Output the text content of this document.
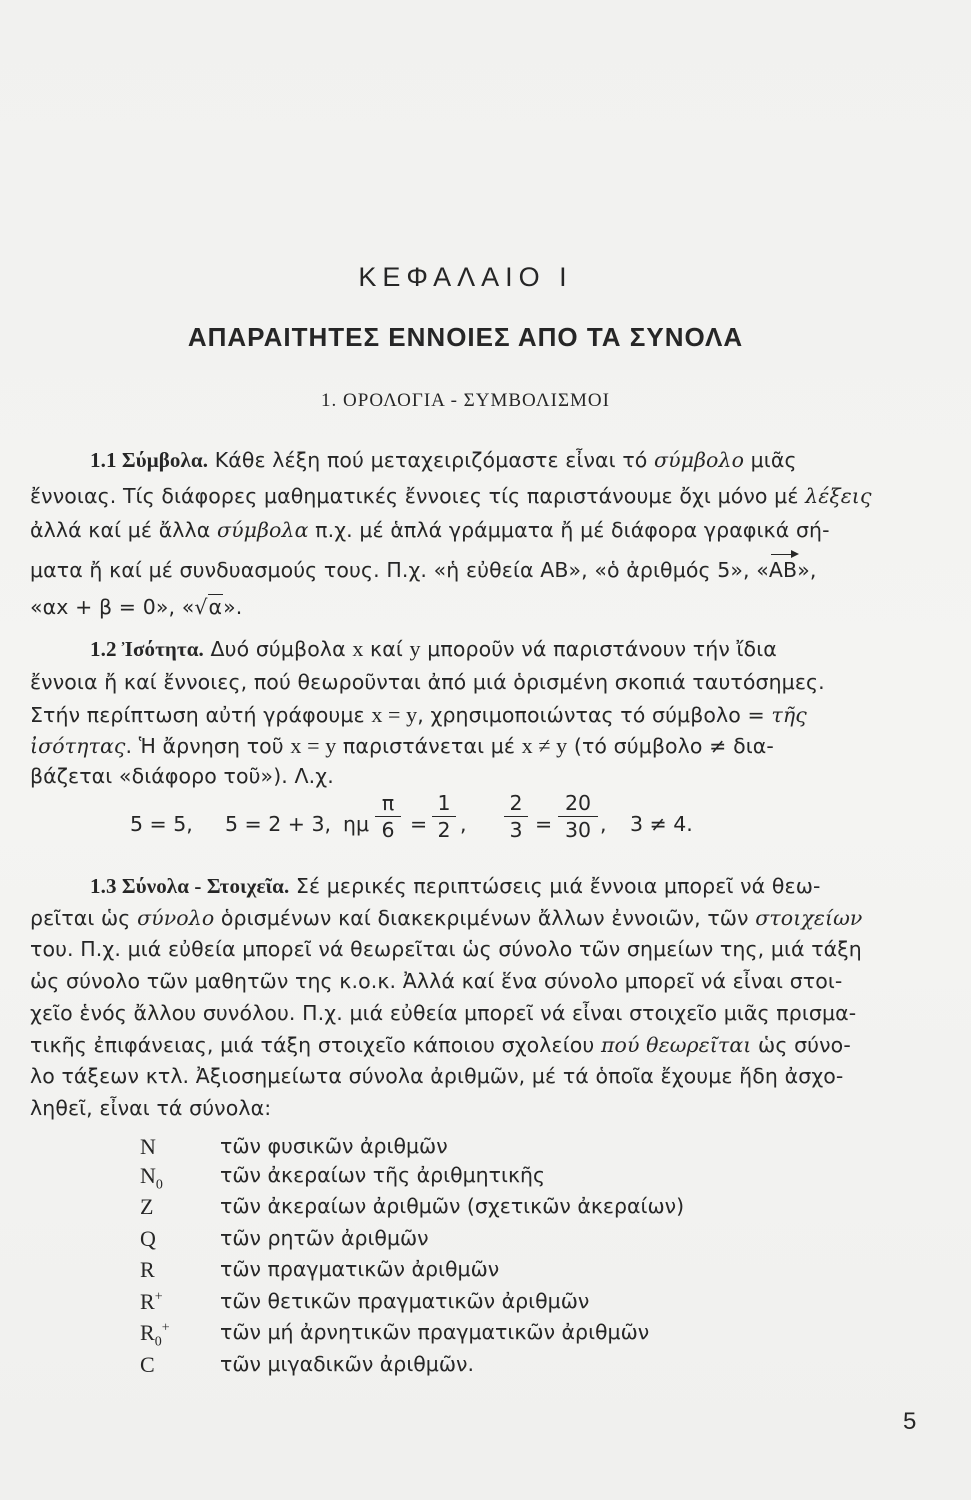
ΚΕΦΑΛΑΙΟ Ι
ΑΠΑΡΑΙΤΗΤΕΣ ΕΝΝΟΙΕΣ ΑΠΟ ΤΑ ΣΥΝΟΛΑ
1. ΟΡΟΛΟΓΙΑ - ΣΥΜΒΟΛΙΣΜΟΙ
1.1 Σύμβολα. Κάθε λέξη πού μεταχειριζόμαστε εἶναι τό σύμβολο μιᾶς
ἔννοιας. Τίς διάφορες μαθηματικές ἔννοιες τίς παριστάνουμε ὄχι μόνο μέ λέξεις
ἀλλά καί μέ ἄλλα σύμβολα π.χ. μέ ἁπλά γράμματα ἤ μέ διάφορα γραφικά σή-
ματα ἤ καί μέ συνδυασμούς τους. Π.χ. «ἡ εὐθεία ΑΒ», «ὁ ἀριθμός 5», «ΑΒ»,
«αx + β = 0», «√α».
1.2 Ἰσότητα. Δυό σύμβολα x καί y μποροῦν νά παριστάνουν τήν ἴδια
ἔννοια ἤ καί ἔννοιες, πού θεωροῦνται ἀπό μιά ὁρισμένη σκοπιά ταυτόσημες.
Στήν περίπτωση αὐτή γράφουμε x = y, χρησιμοποιώντας τό σύμβολο = τῆς
ἰσότητας. Ἡ ἄρνηση τοῦ x = y παριστάνεται μέ x ≠ y (τό σύμβολο ≠ δια-
βάζεται «διάφορο τοῦ»). Λ.χ.
5 = 5, 5 = 2 + 3, ημ $\frac{\pi}{6} = \frac{1}{2}$ , $\frac{2}{3} = \frac{20}{30}$ , 3 ≠ 4.
1.3 Σύνολα - Στοιχεῖα. Σέ μερικές περιπτώσεις μιά ἔννοια μπορεῖ νά θεω-
ρεῖται ὡς σύνολο ὁρισμένων καί διακεκριμένων ἄλλων ἐννοιῶν, τῶν στοιχείων
του. Π.χ. μιά εὐθεία μπορεῖ νά θεωρεῖται ὡς σύνολο τῶν σημείων της, μιά τάξη
ὡς σύνολο τῶν μαθητῶν της κ.ο.κ. Ἀλλά καί ἕνα σύνολο μπορεῖ νά εἶναι στοι-
χεῖο ἑνός ἄλλου συνόλου. Π.χ. μιά εὐθεία μπορεῖ νά εἶναι στοιχεῖο μιᾶς πρισμα-
τικῆς ἐπιφάνειας, μιά τάξη στοιχεῖο κάποιου σχολείου πού θεωρεῖται ὡς σύνο-
λο τάξεων κτλ. Ἀξιοσημείωτα σύνολα ἀριθμῶν, μέ τά ὁποῖα ἔχουμε ἤδη ἀσχο-
ληθεῖ, εἶναι τά σύνολα:
N	τῶν φυσικῶν ἀριθμῶν
$N_0$	τῶν ἀκεραίων τῆς ἀριθμητικῆς
Z	τῶν ἀκεραίων ἀριθμῶν (σχετικῶν ἀκεραίων)
Q	τῶν ρητῶν ἀριθμῶν
R	τῶν πραγματικῶν ἀριθμῶν
R+	τῶν θετικῶν πραγματικῶν ἀριθμῶν
$R_0^+$ τῶν μή ἀρνητικῶν πραγματικῶν ἀριθμῶν
C	τῶν μιγαδικῶν ἀριθμῶν.
5
